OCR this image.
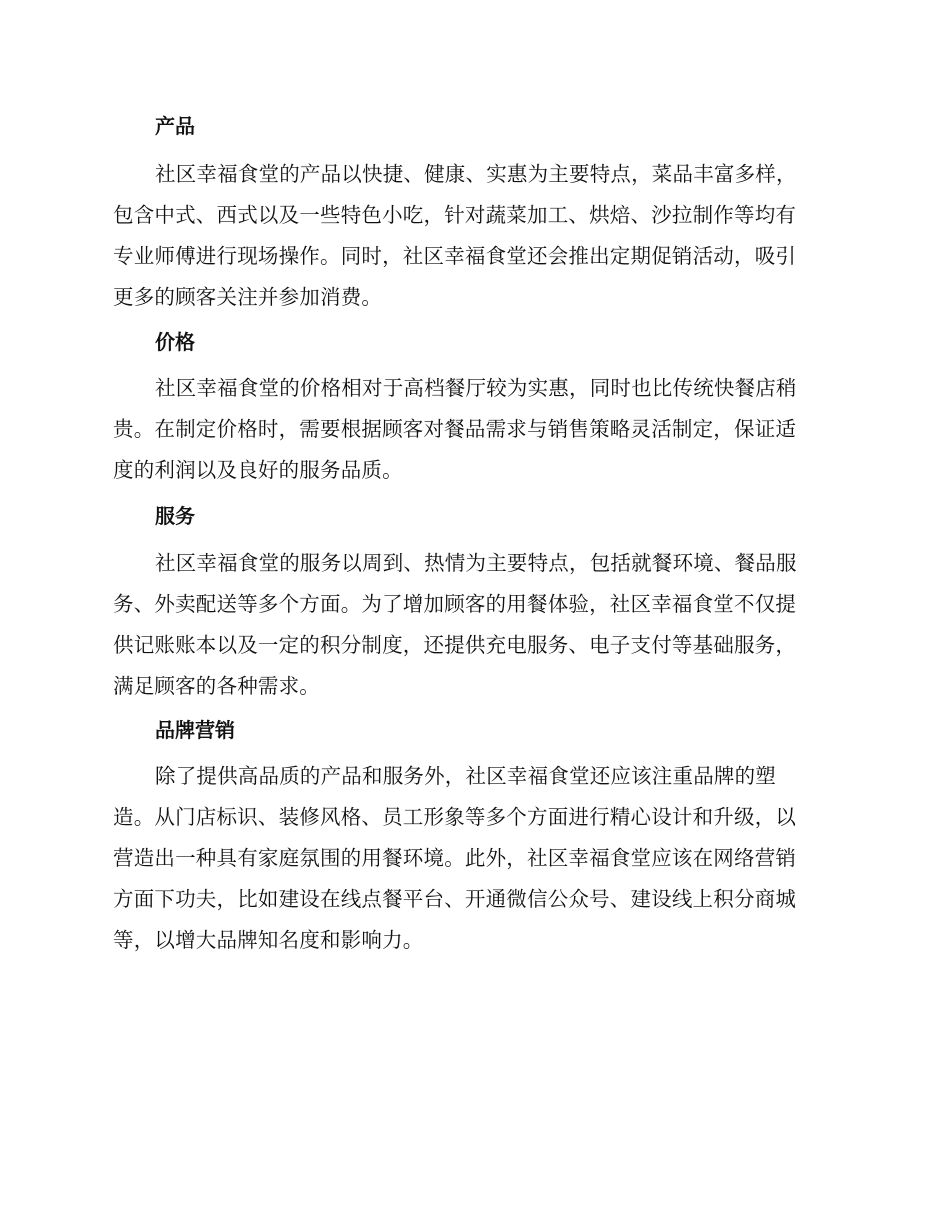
产品

社区幸福食堂的产品以快捷、健康、实惠为主要特点，菜品丰富多样，
包含中式、西式以及一些特色小吃，针对蔬菜加工、烘焙、沙拉制作等均有
专业师傅进行现场操作。同时，社区幸福食堂还会推出定期促销活动，吸引
更多的顾客关注并参加消费。

价格

社区幸福食堂的价格相对于高档餐厅较为实惠，同时也比传统快餐店稍
贵。在制定价格时，需要根据顾客对餐品需求与销售策略灵活制定，保证适
度的利润以及良好的服务品质。

服务

社区幸福食堂的服务以周到、热情为主要特点，包括就餐环境、餐品服
务、外卖配送等多个方面。为了增加顾客的用餐体验，社区幸福食堂不仅提
供记账账本以及一定的积分制度，还提供充电服务、电子支付等基础服务，
满足顾客的各种需求。

品牌营销

除了提供高品质的产品和服务外，社区幸福食堂还应该注重品牌的塑
造。从门店标识、装修风格、员工形象等多个方面进行精心设计和升级，以
营造出一种具有家庭氛围的用餐环境。此外，社区幸福食堂应该在网络营销
方面下功夫，比如建设在线点餐平台、开通微信公众号、建设线上积分商城
等，以增大品牌知名度和影响力。
